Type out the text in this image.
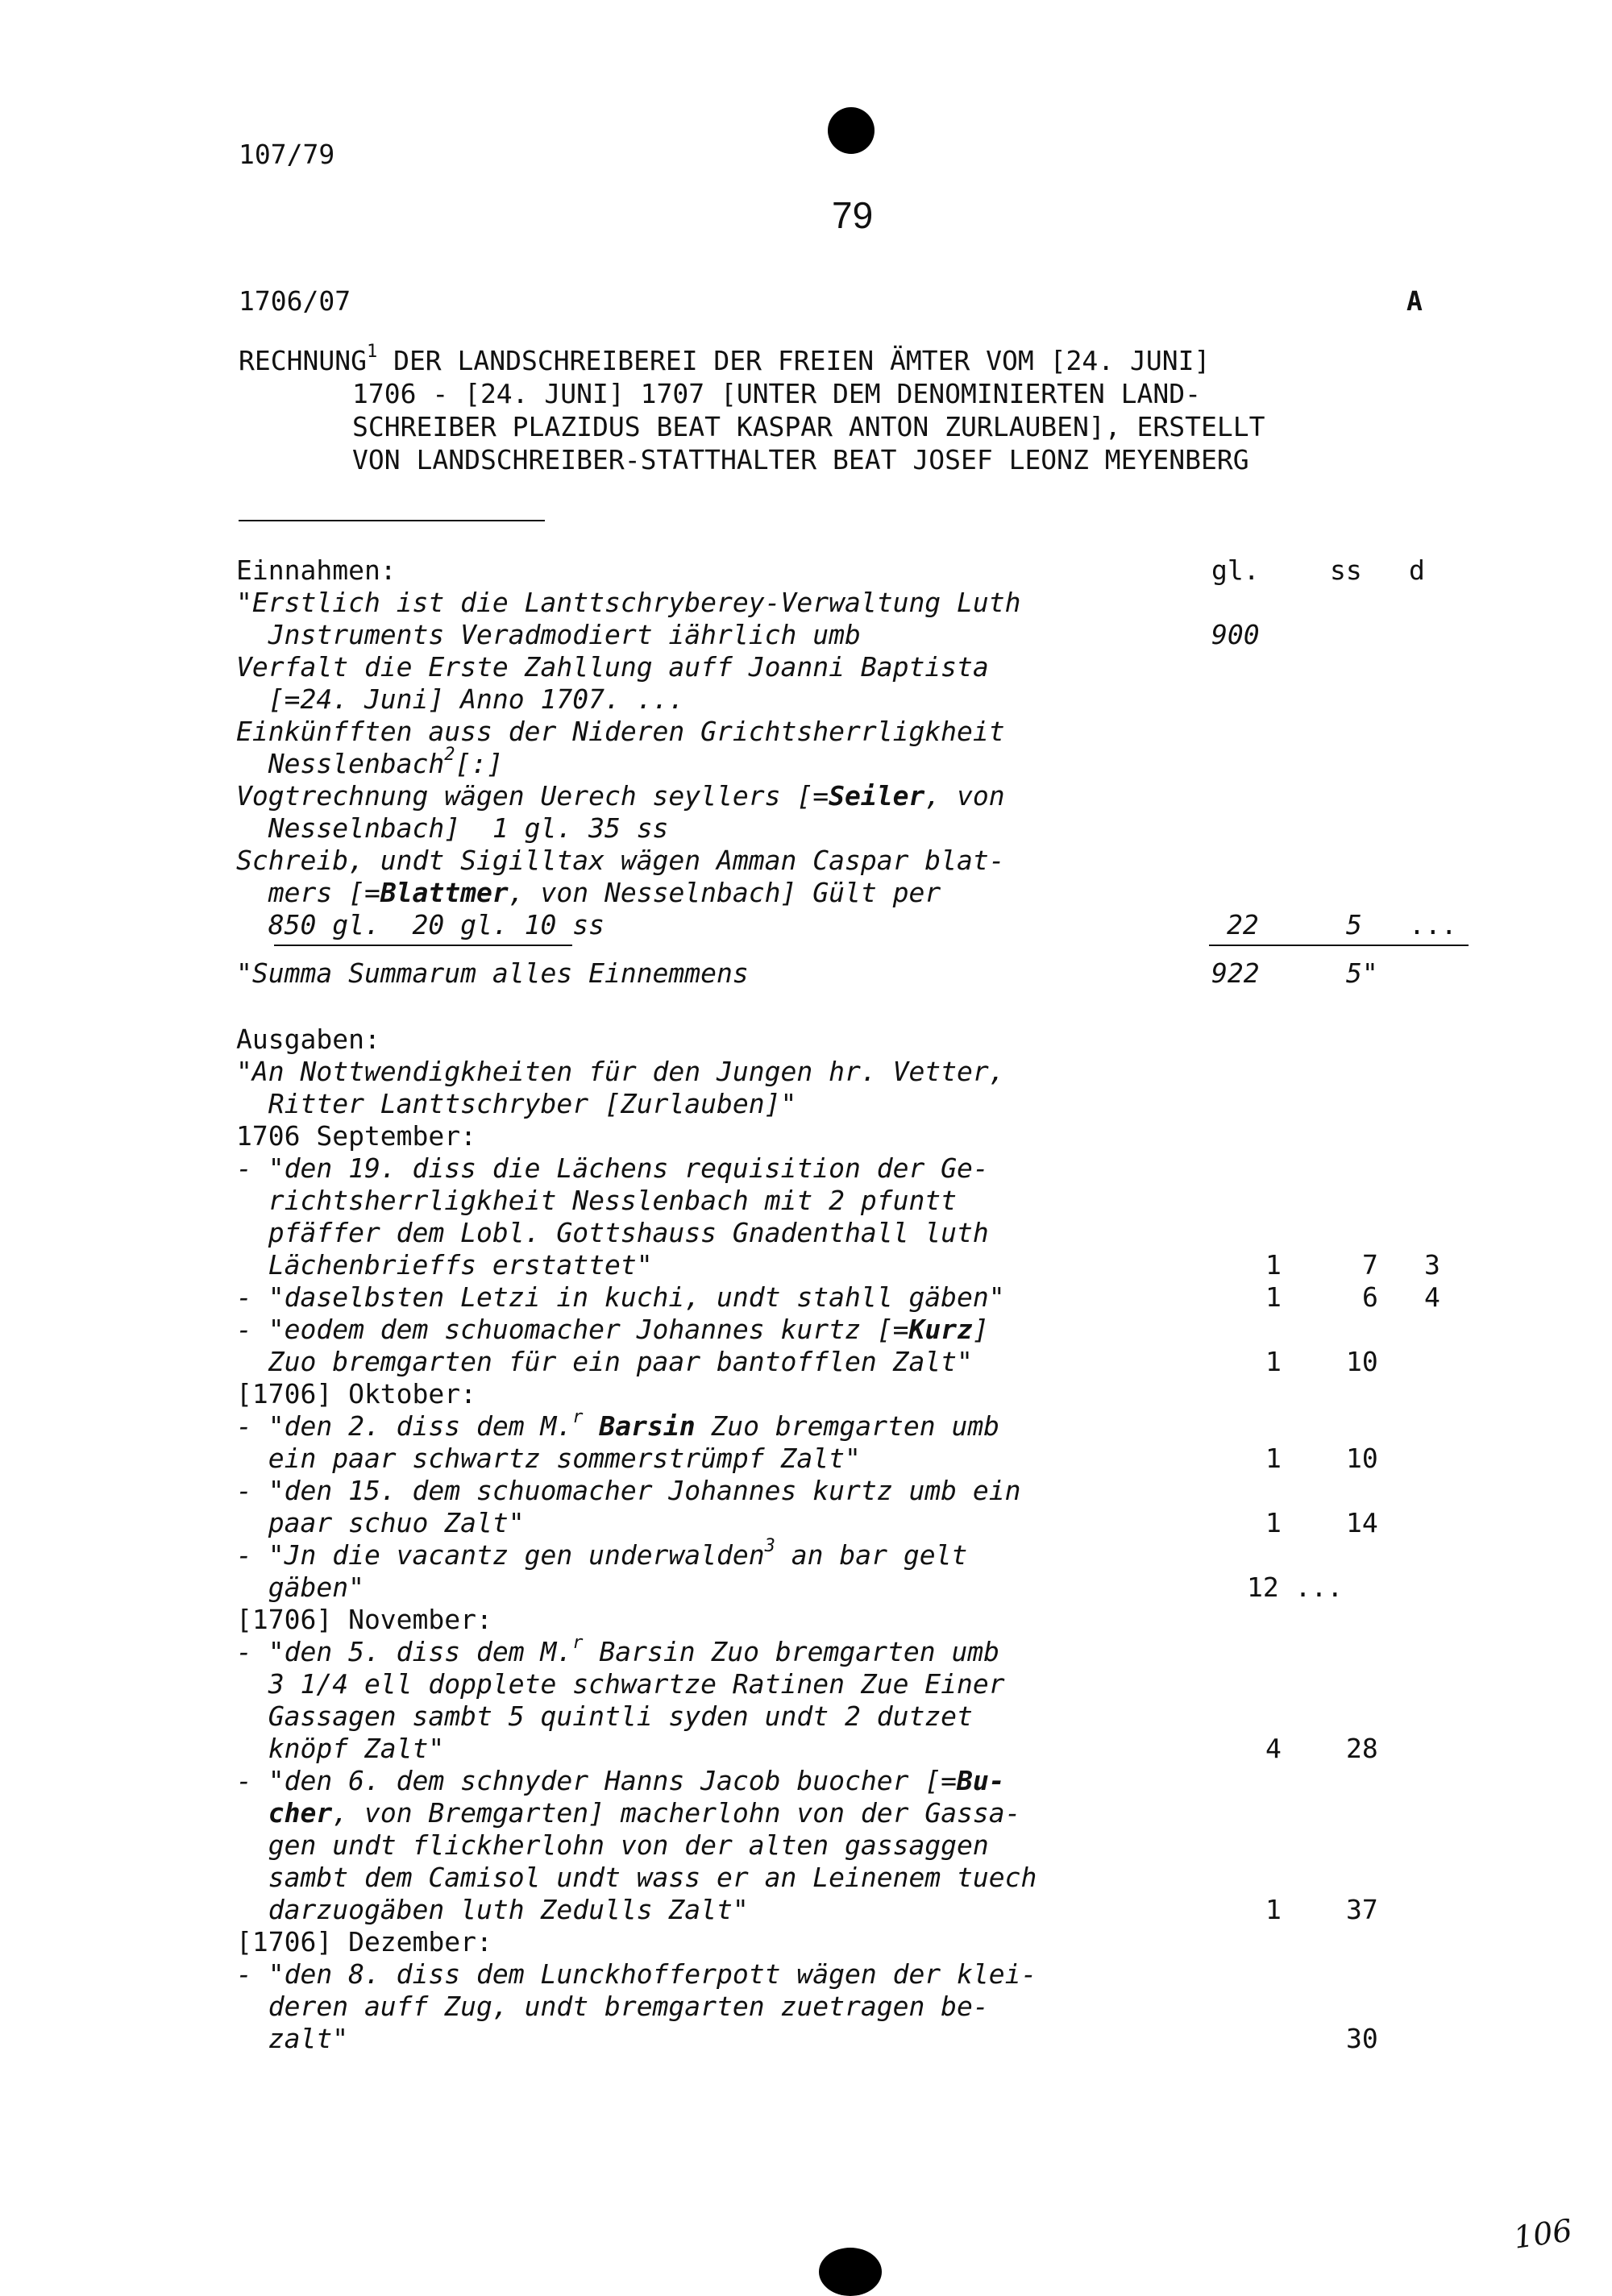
107/79
79
1706/07	A
RECHNUNG$^1$ DER LANDSCHREIBEREI DER FREIEN ÄMTER VOM [24. JUNI]
1706 - [24. JUNI] 1707 [UNTER DEM DENOMINIERTEN LAND-
SCHREIBER PLAZIDUS BEAT KASPAR ANTON ZURLAUBEN], ERSTELLT
VON LANDSCHREIBER-STATTHALTER BEAT JOSEF LEONZ MEYENBERG
Einnahmen:	gl.	ss d
"Erstlich ist die Lanttschryberey-Verwaltung Luth
Jnstruments Veradmodiert iährlich umb	900
Verfalt die Erste Zahllung auff Joanni Baptista
[=24. Juni] Anno 1707. ...
Einkünfften auss der Nideren Grichtsherrligkheit
Nesslenbach$^2$[:]
Vogtrechnung wägen Uerech seyllers [=Seiler, von
Nesselnbach]  1 gl. 35 ss
Schreib, undt Sigilltax wägen Amman Caspar blat-
mers [=Blattmer, von Nesselnbach] Gült per
850 gl.  20 gl. 10 ss	22	5 ...
"Summa Summarum alles Einnemmens	922	5"
Ausgaben:
"An Nottwendigkheiten für den Jungen hr. Vetter,
Ritter Lanttschryber [Zurlauben]"
1706 September:
- "den 19. diss die Lächens requisition der Ge-
richtsherrligkheit Nesslenbach mit 2 pfuntt
pfäffer dem Lobl. Gottshauss Gnadenthall luth
Lächenbrieffs erstattet"	1	7 3
- "daselbsten Letzi in kuchi, undt stahll gäben"	1	6 4
- "eodem dem schuomacher Johannes kurtz [=Kurz]
Zuo bremgarten für ein paar bantofflen Zalt"	1 10
[1706] Oktober:
- "den 2. diss dem M.$^r$ Barsin Zuo bremgarten umb
ein paar schwartz sommerstrümpf Zalt"	1 10
- "den 15. dem schuomacher Johannes kurtz umb ein
paar schuo Zalt"	1 14
- "Jn die vacantz gen underwalden$^3$ an bar gelt
gäben"	12 ...
[1706] November:
- "den 5. diss dem M.$^r$ Barsin Zuo bremgarten umb
3 1/4 ell dopplete schwartze Ratinen Zue Einer
Gassagen sambt 5 quintli syden undt 2 dutzet
knöpf Zalt"	4 28
- "den 6. dem schnyder Hanns Jacob buocher [=Bu-
cher, von Bremgarten] macherlohn von der Gassa-
gen undt flickherlohn von der alten gassaggen
sambt dem Camisol undt wass er an Leinenem tuech
darzuogäben luth Zedulls Zalt"	1 37
[1706] Dezember:
- "den 8. diss dem Lunckhofferpott wägen der klei-
deren auff Zug, undt bremgarten zuetragen be-
zalt"	30
106
